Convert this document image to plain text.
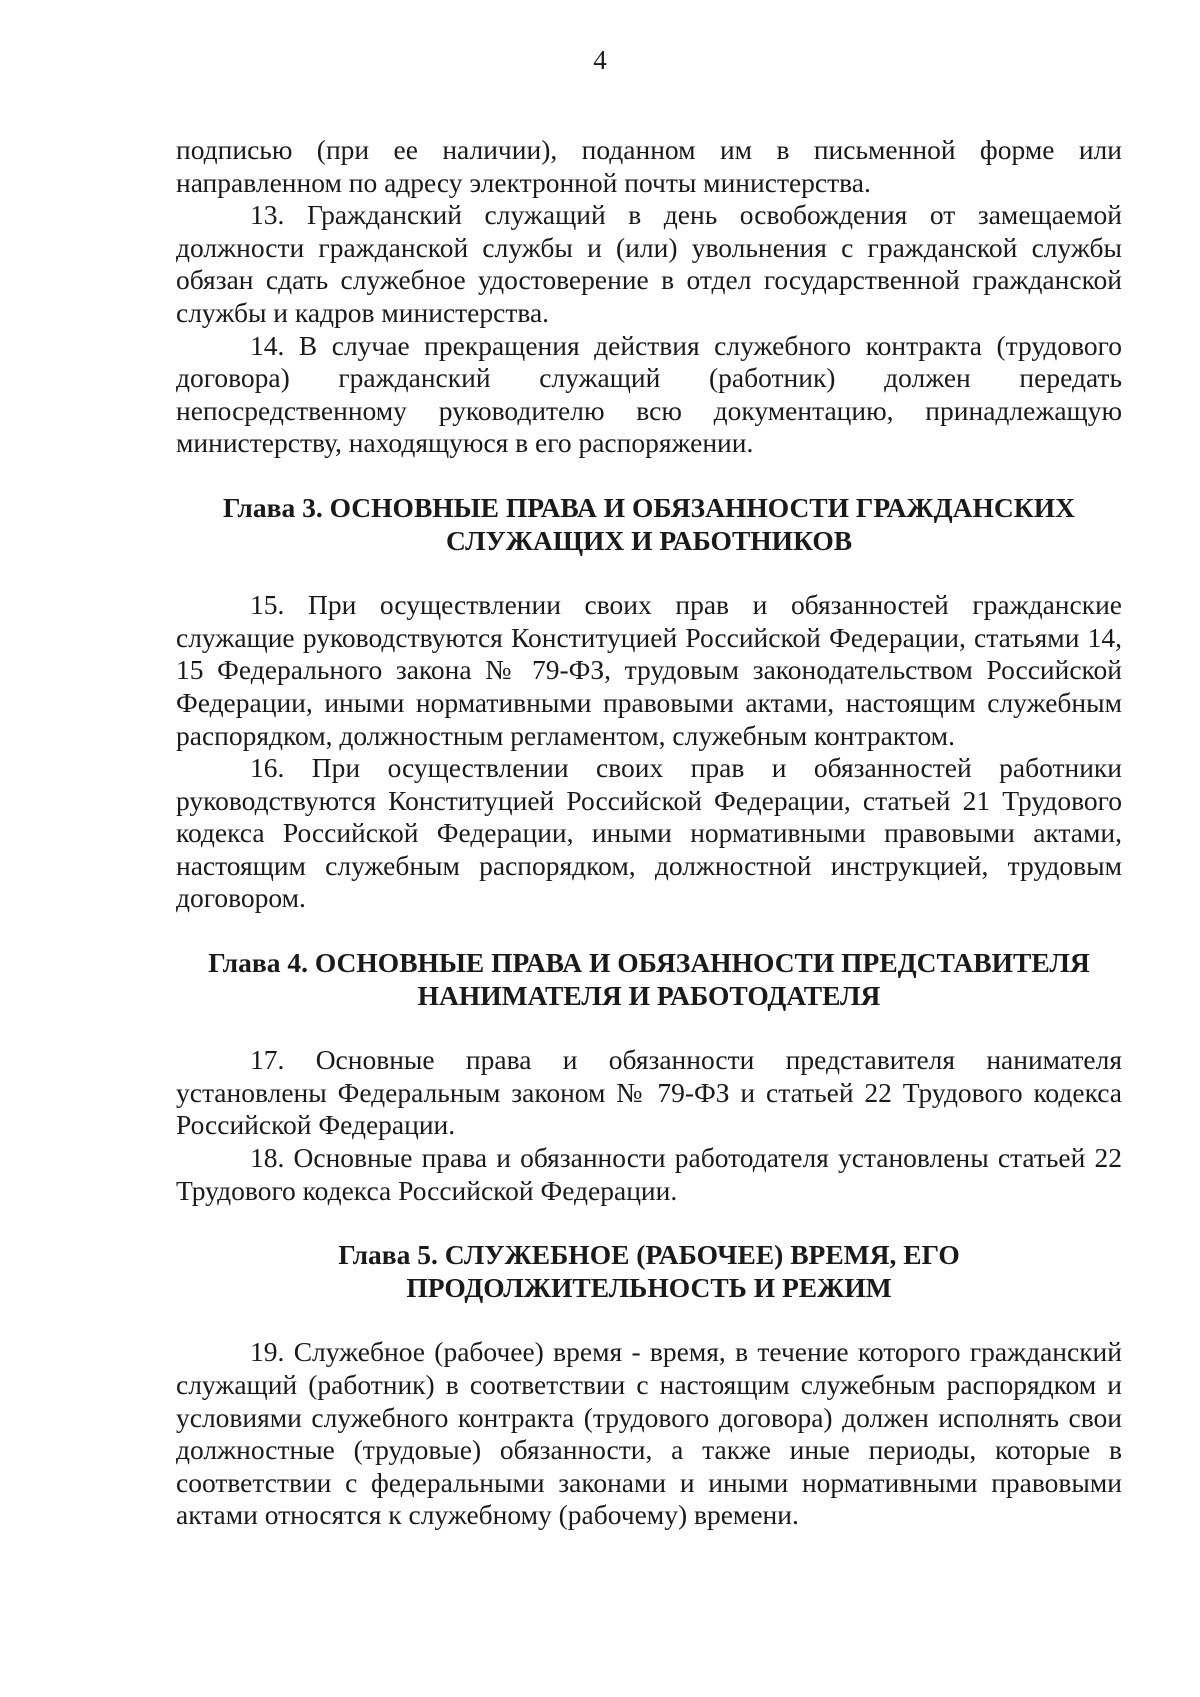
4

подписью (при ее наличии), поданном им в письменной форме или направленном по адресу электронной почты министерства.

13. Гражданский служащий в день освобождения от замещаемой должности гражданской службы и (или) увольнения с гражданской службы обязан сдать служебное удостоверение в отдел государственной гражданской службы и кадров министерства.

14. В случае прекращения действия служебного контракта (трудового договора) гражданский служащий (работник) должен передать непосредственному руководителю всю документацию, принадлежащую министерству, находящуюся в его распоряжении.

Глава 3. ОСНОВНЫЕ ПРАВА И ОБЯЗАННОСТИ ГРАЖДАНСКИХ СЛУЖАЩИХ И РАБОТНИКОВ

15. При осуществлении своих прав и обязанностей гражданские служащие руководствуются Конституцией Российской Федерации, статьями 14, 15 Федерального закона № 79-ФЗ, трудовым законодательством Российской Федерации, иными нормативными правовыми актами, настоящим служебным распорядком, должностным регламентом, служебным контрактом.

16. При осуществлении своих прав и обязанностей работники руководствуются Конституцией Российской Федерации, статьей 21 Трудового кодекса Российской Федерации, иными нормативными правовыми актами, настоящим служебным распорядком, должностной инструкцией, трудовым договором.

Глава 4. ОСНОВНЫЕ ПРАВА И ОБЯЗАННОСТИ ПРЕДСТАВИТЕЛЯ НАНИМАТЕЛЯ И РАБОТОДАТЕЛЯ

17. Основные права и обязанности представителя нанимателя установлены Федеральным законом № 79-ФЗ и статьей 22 Трудового кодекса Российской Федерации.

18. Основные права и обязанности работодателя установлены статьей 22 Трудового кодекса Российской Федерации.

Глава 5. СЛУЖЕБНОЕ (РАБОЧЕЕ) ВРЕМЯ, ЕГО ПРОДОЛЖИТЕЛЬНОСТЬ И РЕЖИМ

19. Служебное (рабочее) время - время, в течение которого гражданский служащий (работник) в соответствии с настоящим служебным распорядком и условиями служебного контракта (трудового договора) должен исполнять свои должностные (трудовые) обязанности, а также иные периоды, которые в соответствии с федеральными законами и иными нормативными правовыми актами относятся к служебному (рабочему) времени.
